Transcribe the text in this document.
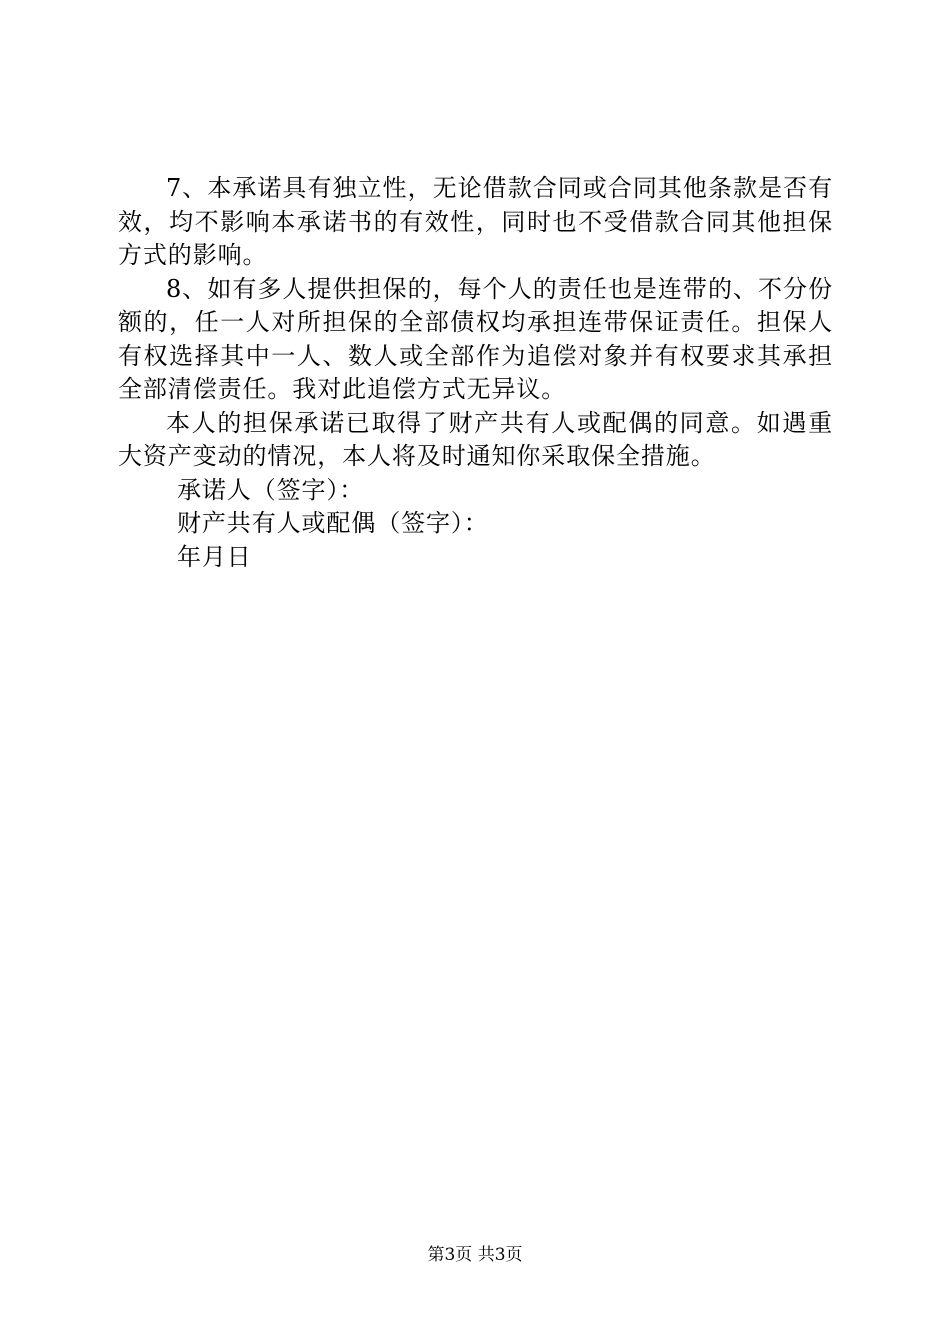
7、本承诺具有独立性，无论借款合同或合同其他条款是否有效，均不影响本承诺书的有效性，同时也不受借款合同其他担保方式的影响。

8、如有多人提供担保的，每个人的责任也是连带的、不分份额的，任一人对所担保的全部债权均承担连带保证责任。担保人有权选择其中一人、数人或全部作为追偿对象并有权要求其承担全部清偿责任。我对此追偿方式无异议。

本人的担保承诺已取得了财产共有人或配偶的同意。如遇重大资产变动的情况，本人将及时通知你采取保全措施。

承诺人（签字）：

财产共有人或配偶（签字）：

年月日

第3页 共3页
